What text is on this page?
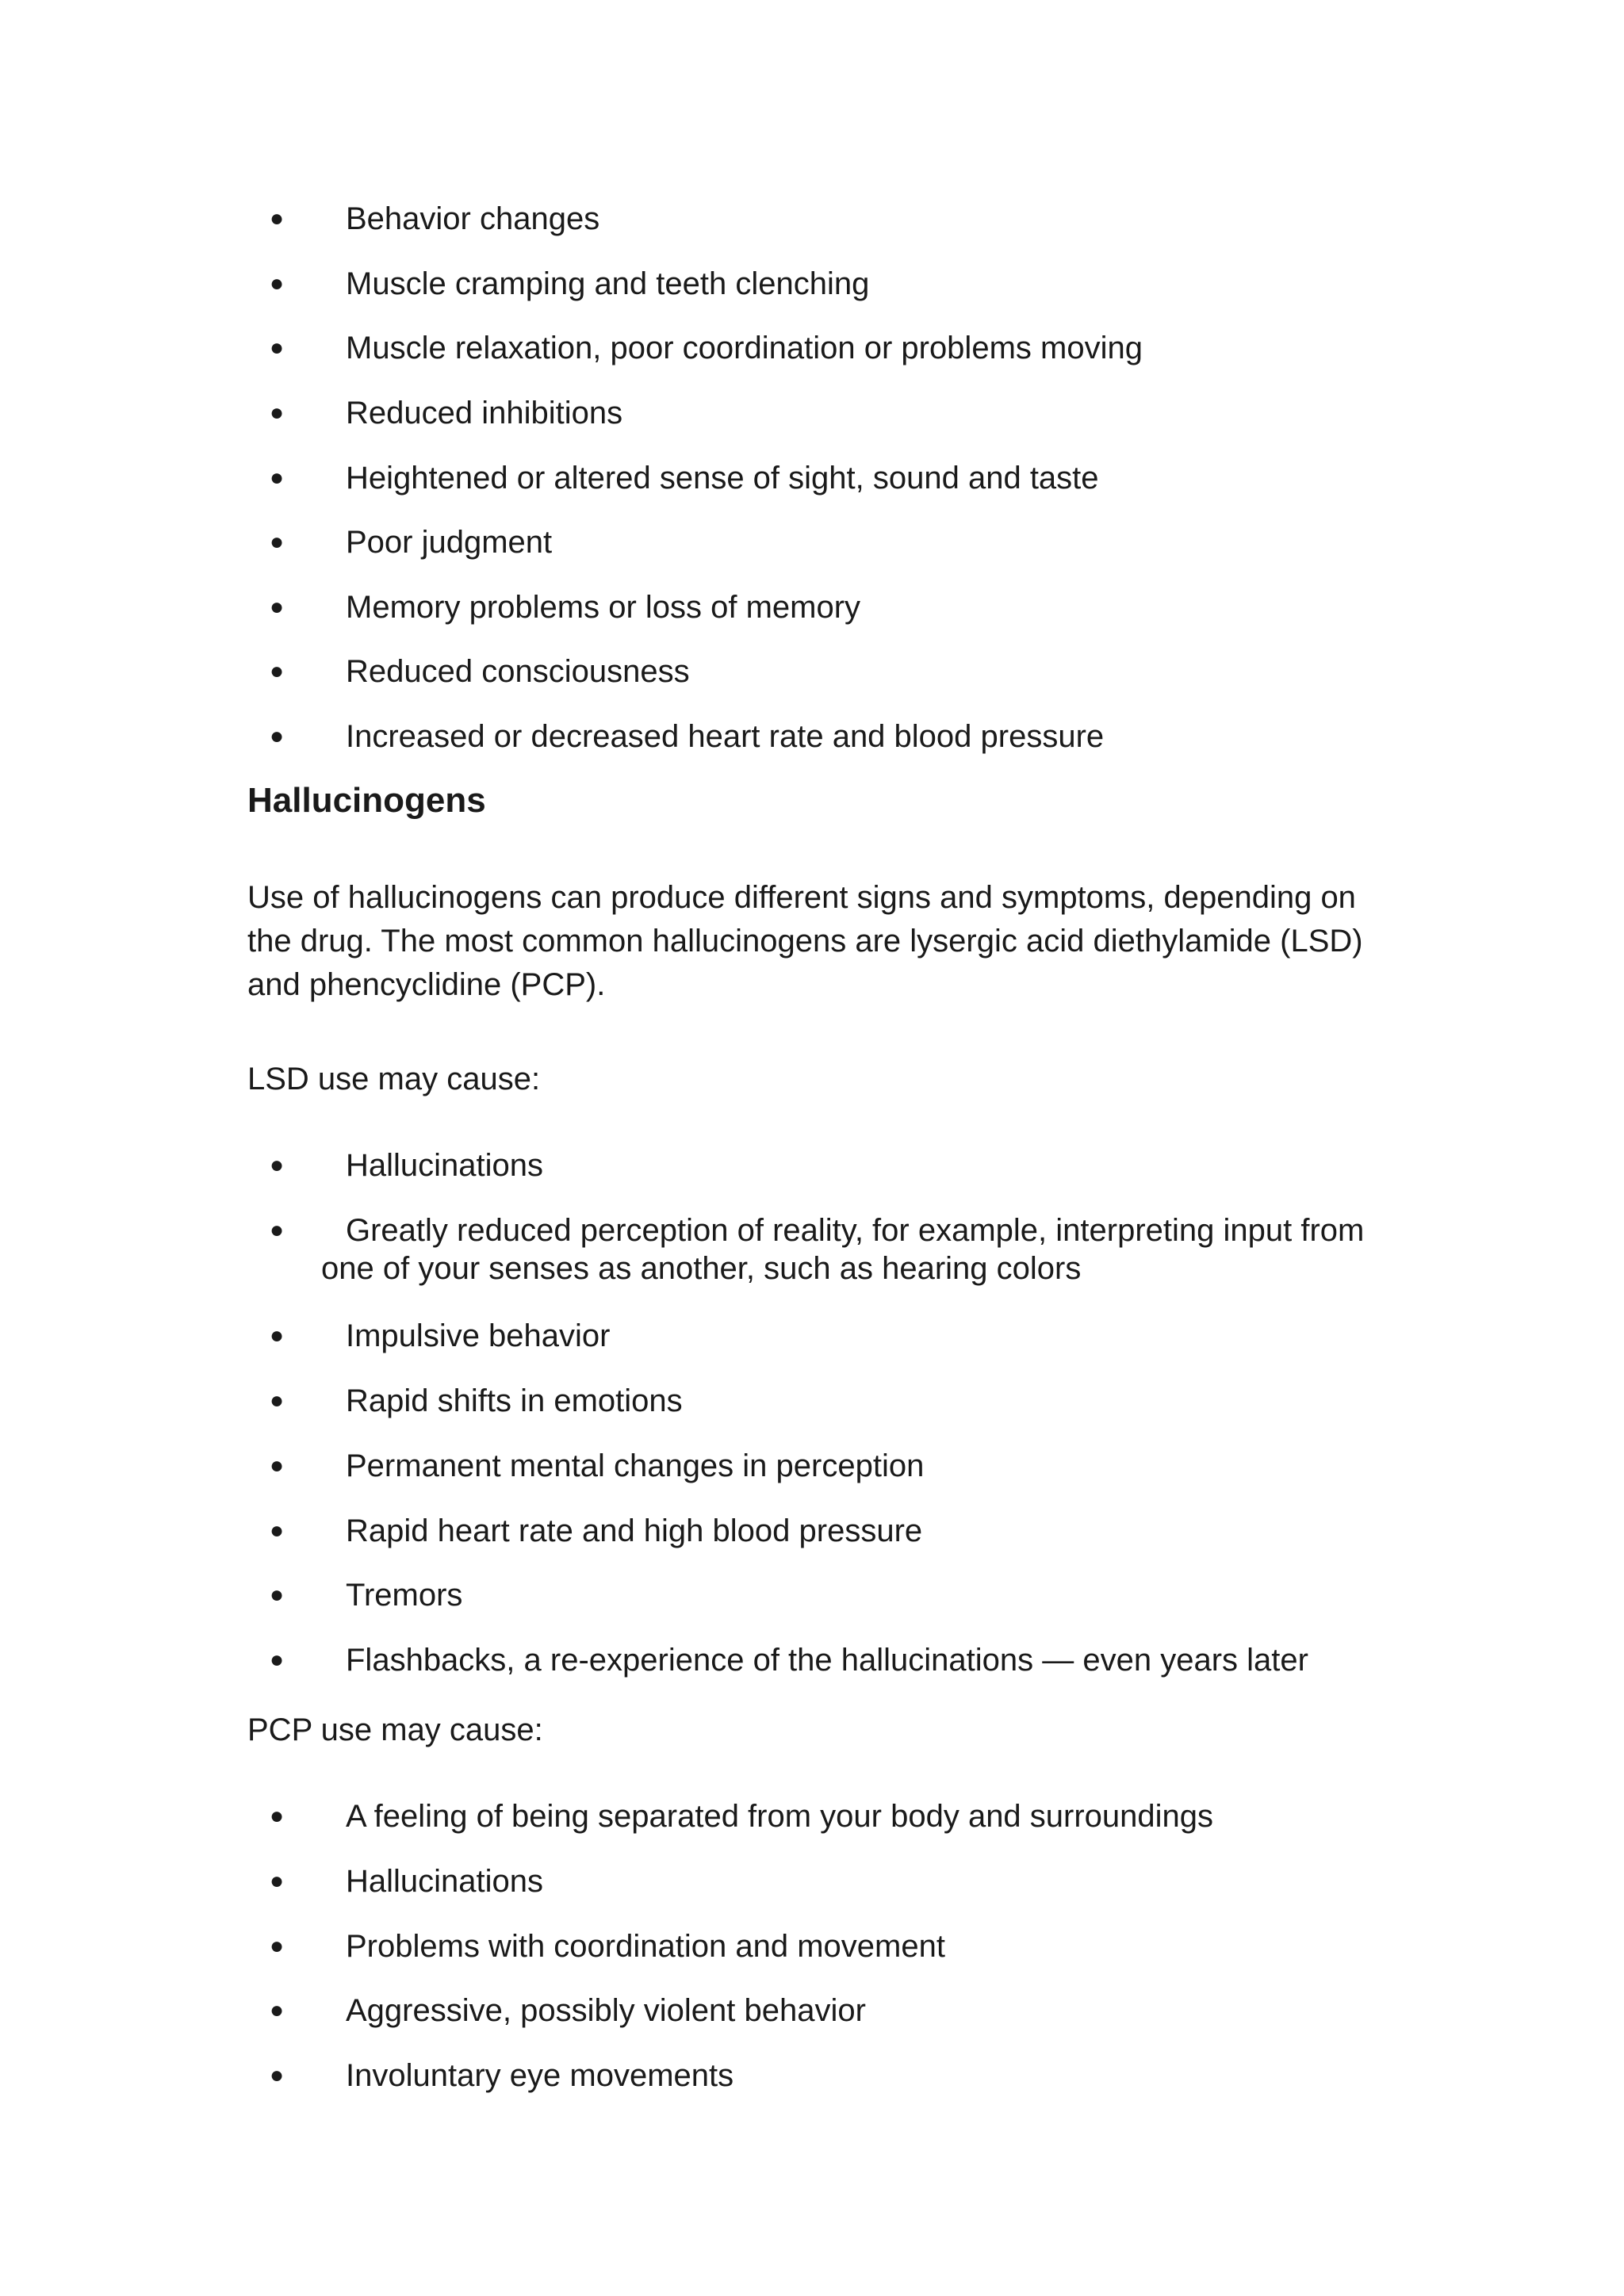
● Behavior changes
● Muscle cramping and teeth clenching
● Muscle relaxation, poor coordination or problems moving
● Reduced inhibitions
● Heightened or altered sense of sight, sound and taste
● Poor judgment
● Memory problems or loss of memory
● Reduced consciousness
● Increased or decreased heart rate and blood pressure
Hallucinogens

Use of hallucinogens can produce different signs and symptoms, depending on the drug. The most common hallucinogens are lysergic acid diethylamide (LSD) and phencyclidine (PCP).

LSD use may cause:

● Hallucinations
●	Greatly reduced perception of reality, for example, interpreting input from one of your senses as another, such as hearing colors
● Impulsive behavior
● Rapid shifts in emotions
● Permanent mental changes in perception
● Rapid heart rate and high blood pressure
● Tremors
● Flashbacks, a re-experience of the hallucinations — even years later

PCP use may cause:

● A feeling of being separated from your body and surroundings
● Hallucinations
● Problems with coordination and movement
● Aggressive, possibly violent behavior
● Involuntary eye movements
